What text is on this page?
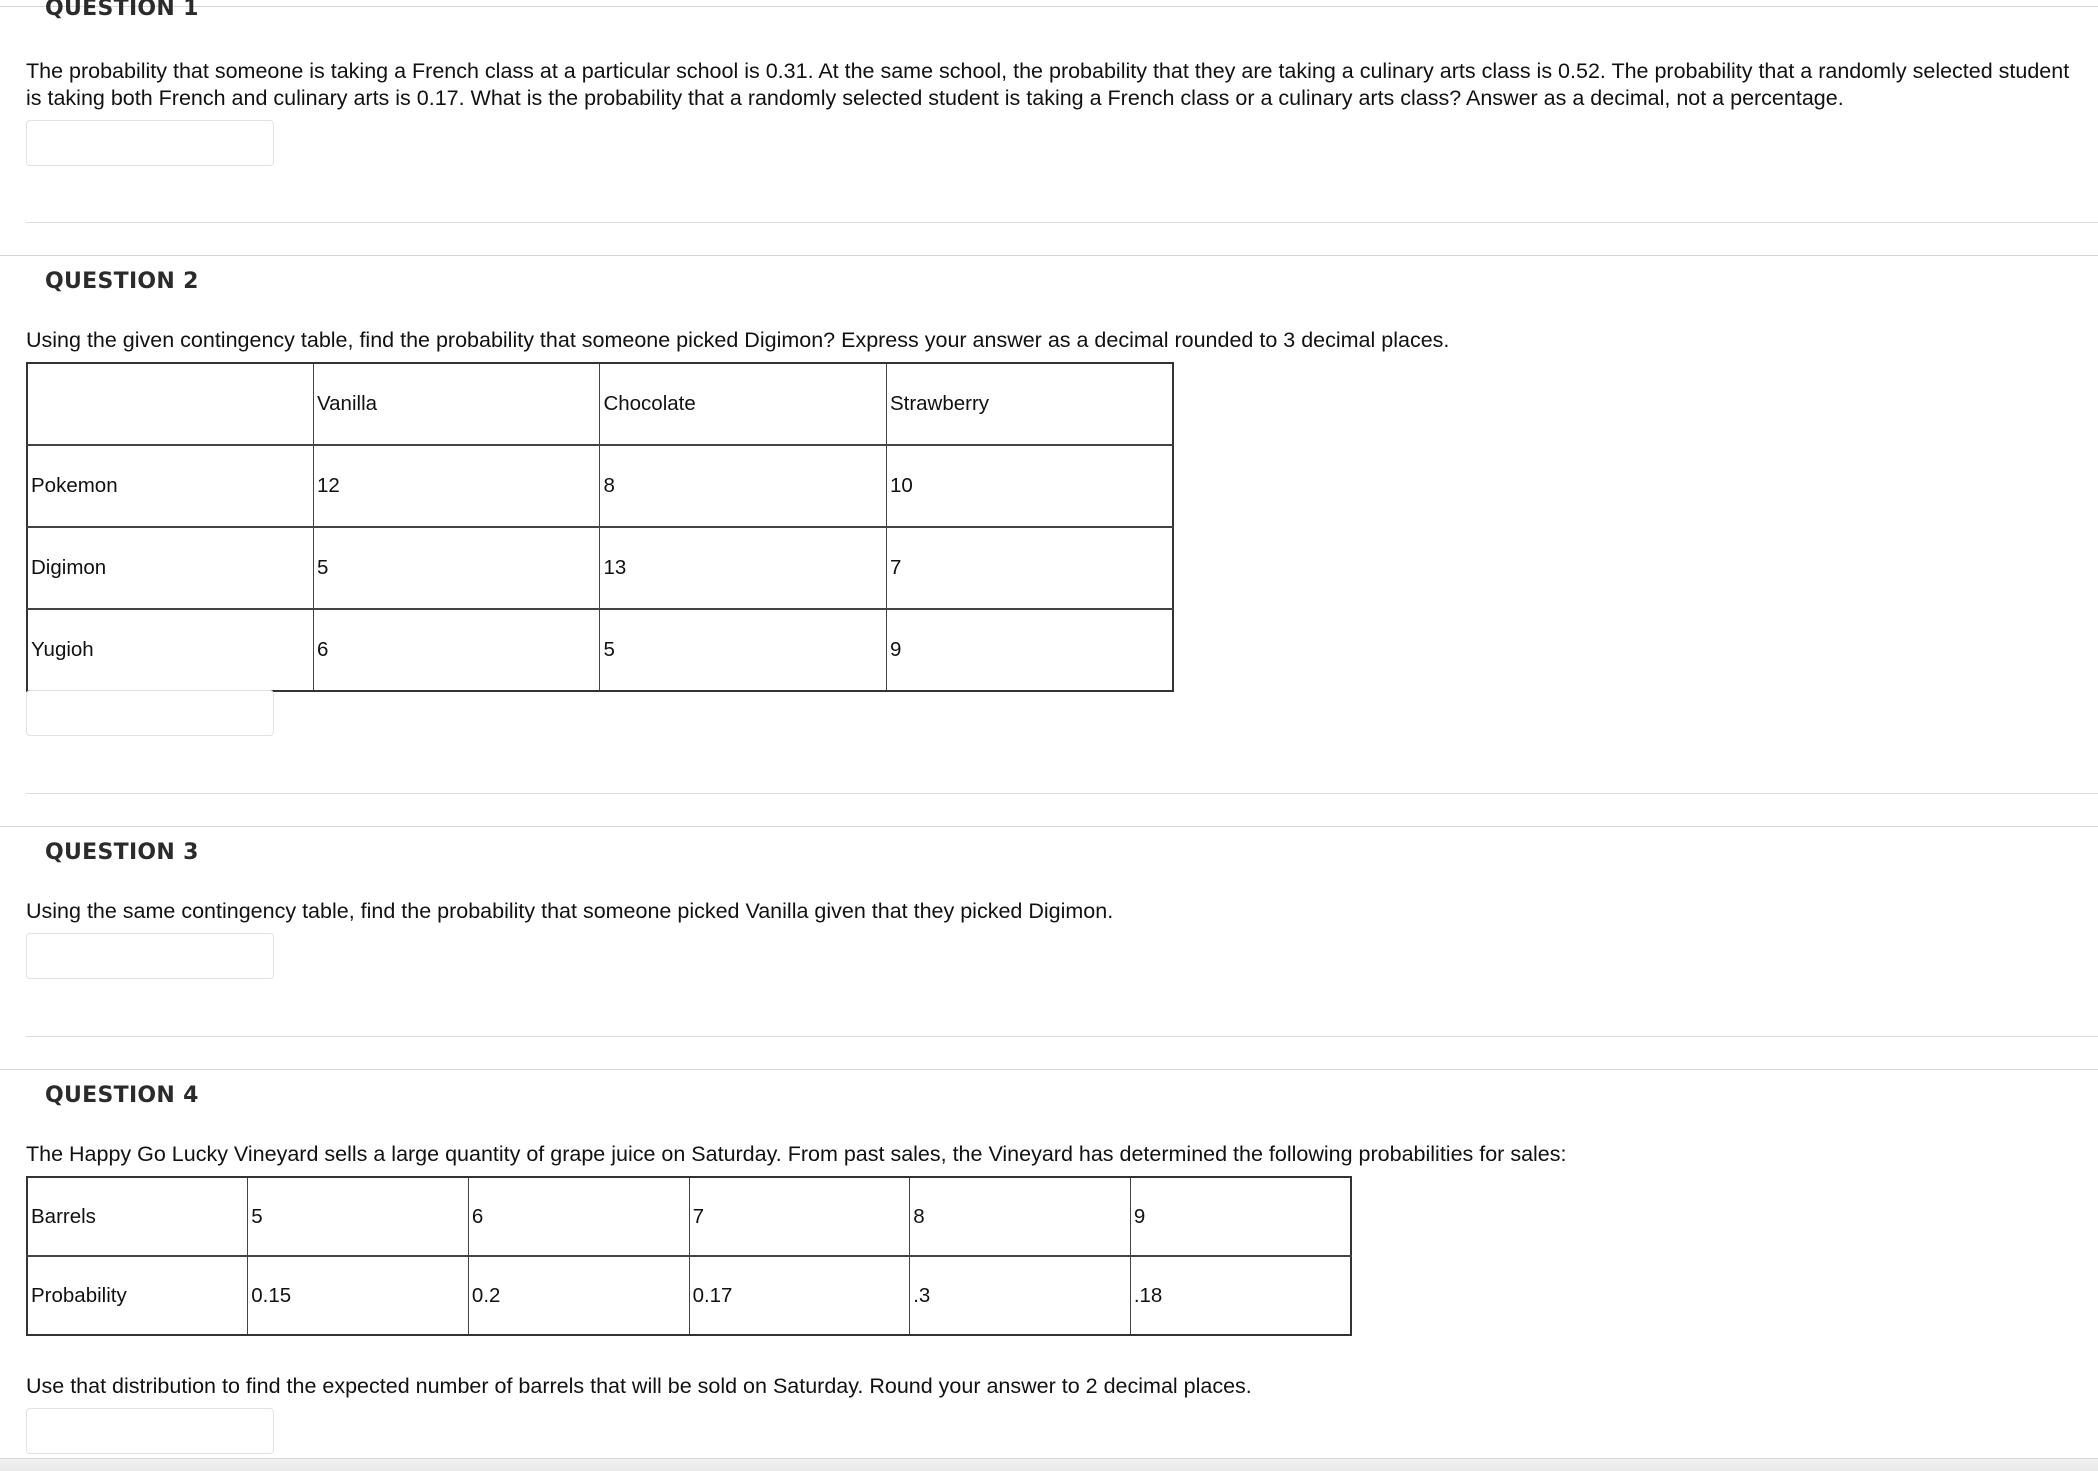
QUESTION 1
The probability that someone is taking a French class at a particular school is 0.31. At the same school, the probability that they are taking a culinary arts class is 0.52. The probability that a randomly selected student is taking both French and culinary arts is 0.17. What is the probability that a randomly selected student is taking a French class or a culinary arts class? Answer as a decimal, not a percentage.
QUESTION 2
Using the given contingency table, find the probability that someone picked Digimon? Express your answer as a decimal rounded to 3 decimal places.
	Vanilla	Chocolate	Strawberry
Pokemon	12	8	10
Digimon	5	13	7
Yugioh	6	5	9
QUESTION 3
Using the same contingency table, find the probability that someone picked Vanilla given that they picked Digimon.
QUESTION 4
The Happy Go Lucky Vineyard sells a large quantity of grape juice on Saturday. From past sales, the Vineyard has determined the following probabilities for sales:
Barrels	5	6	7	8	9
Probability	0.15	0.2	0.17	.3	.18
Use that distribution to find the expected number of barrels that will be sold on Saturday. Round your answer to 2 decimal places.
